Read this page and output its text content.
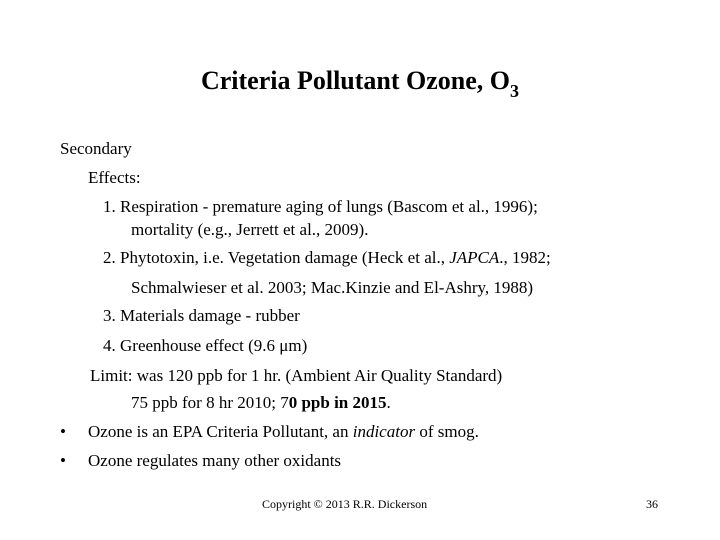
Criteria Pollutant Ozone, $O_3$
Secondary
Effects:
1. Respiration - premature aging of lungs (Bascom et al., 1996);
mortality (e.g., Jerrett et al., 2009).
2. Phytotoxin, i.e. Vegetation damage (Heck et al., JAPCA., 1982;
Schmalwieser et al. 2003; Mac.Kinzie and El-Ashry, 1988)
3. Materials damage - rubber
4. Greenhouse effect (9.6 μm)
Limit: was 120 ppb for 1 hr. (Ambient Air Quality Standard)
75 ppb for 8 hr 2010; 70 ppb in 2015.
• Ozone is an EPA Criteria Pollutant, an indicator of smog.
• Ozone regulates many other oxidants
Copyright © 2013 R.R. Dickerson	36
